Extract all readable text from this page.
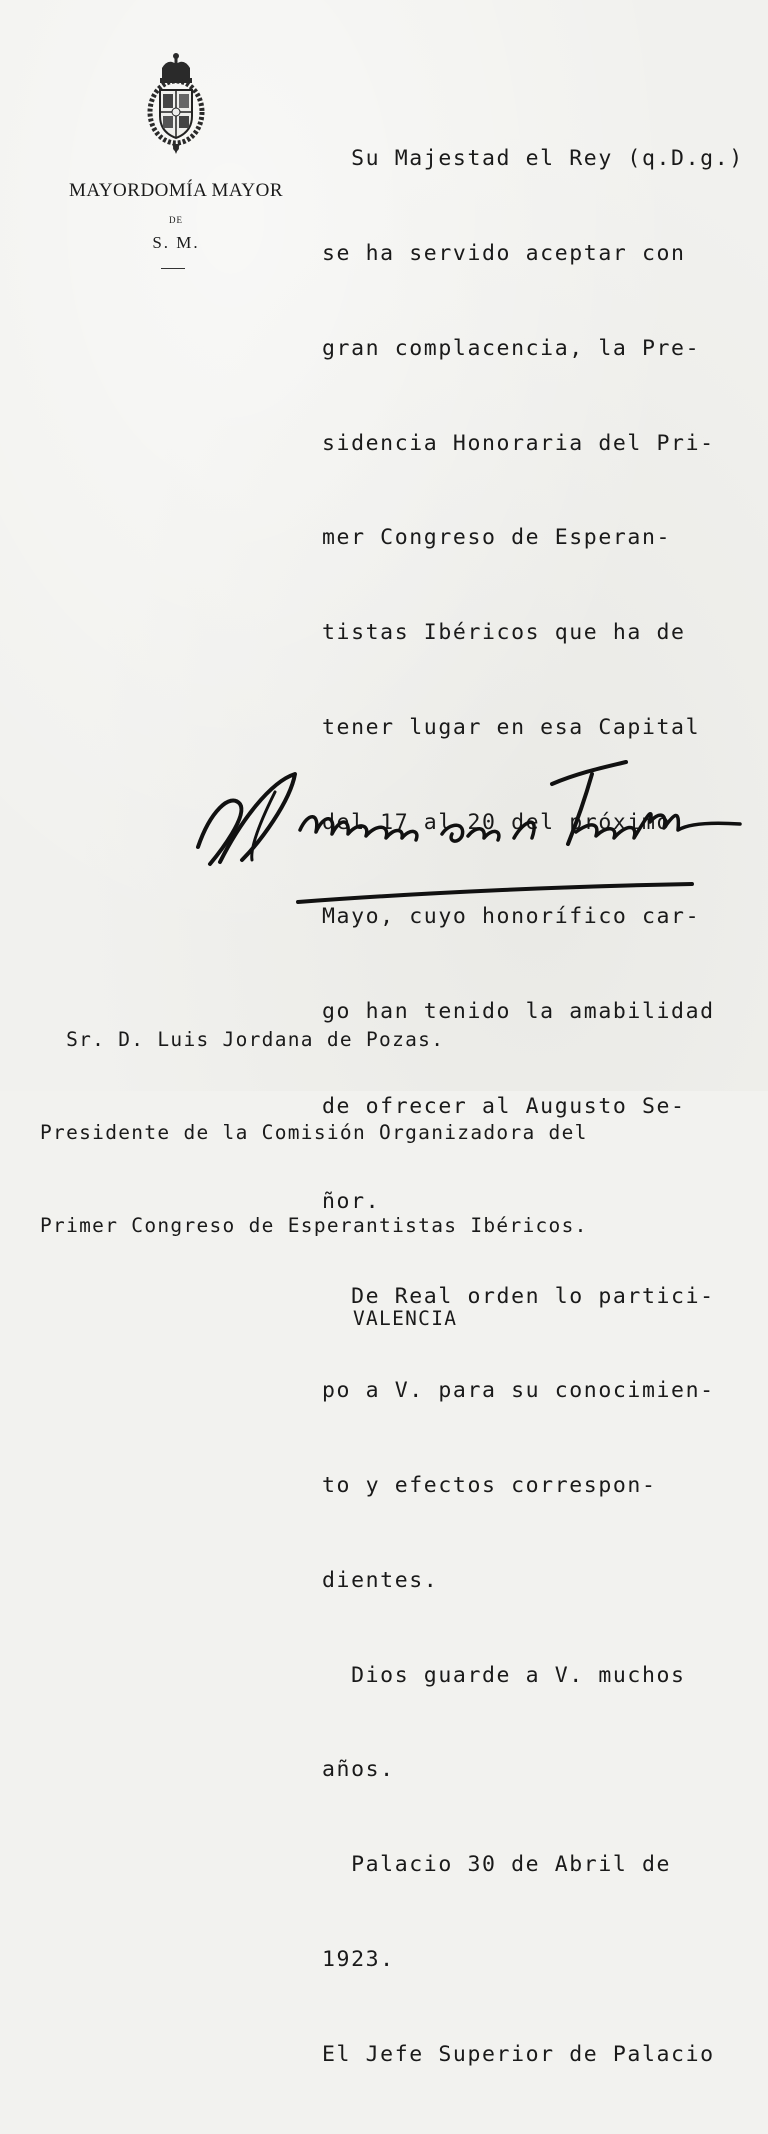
MAYORDOMÍA MAYOR
DE
S. M.

Su Majestad el Rey (q.D.g.)

se ha servido aceptar con

gran complacencia, la Pre-

sidencia Honoraria del Pri-

mer Congreso de Esperan-

tistas Ibéricos que ha de

tener lugar en esa Capital

del 17 al 20 del próximo

Mayo, cuyo honorífico car-

go han tenido la amabilidad

de ofrecer al Augusto Se-

ñor.

De Real orden lo partici-

po a V. para su conocimien-

to y efectos correspon-

dientes.

Dios guarde a V. muchos

años.

Palacio 30 de Abril de

1923.

El Jefe Superior de Palacio

Sr. D. Luis Jordana de Pozas.

Presidente de la Comisión Organizadora del

Primer Congreso de Esperantistas Ibéricos.

VALENCIA
